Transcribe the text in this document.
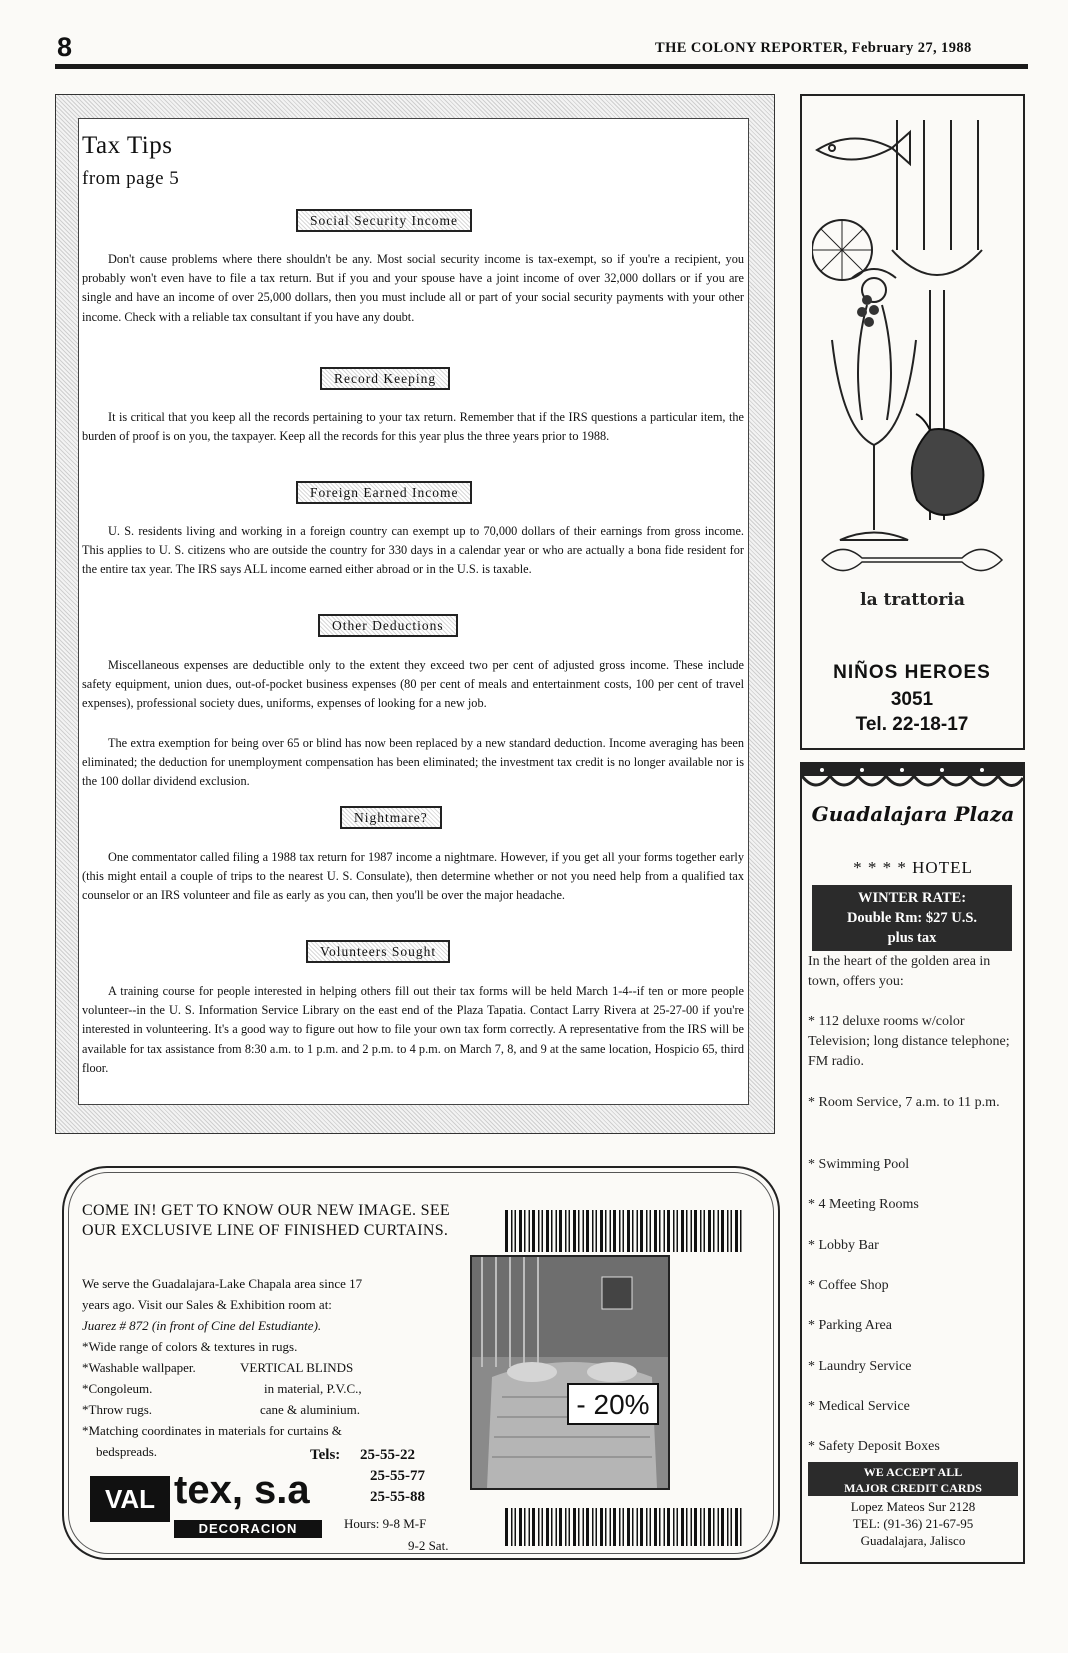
8	THE COLONY REPORTER, February 27, 1988
Tax Tips
from page 5
Social Security Income

Don't cause problems where there shouldn't be any. Most social security income is tax-exempt, so if you're a recipient, you probably won't even have to file a tax return. But if you and your spouse have a joint income of over 32,000 dollars or if you are single and have an income of over 25,000 dollars, then you must include all or part of your social security payments with your other income. Check with a reliable tax consultant if you have any doubt.

Record Keeping

It is critical that you keep all the records pertaining to your tax return. Remember that if the IRS questions a particular item, the burden of proof is on you, the taxpayer. Keep all the records for this year plus the three years prior to 1988.

Foreign Earned Income

U. S. residents living and working in a foreign country can exempt up to 70,000 dollars of their earnings from gross income. This applies to U. S. citizens who are outside the country for 330 days in a calendar year or who are actually a bona fide resident for the entire tax year. The IRS says ALL income earned either abroad or in the U.S. is taxable.

Other Deductions

Miscellaneous expenses are deductible only to the extent they exceed two per cent of adjusted gross income. These include safety equipment, union dues, out-of-pocket business expenses (80 per cent of meals and entertainment costs, 100 per cent of travel expenses), professional society dues, uniforms, expenses of looking for a new job.

The extra exemption for being over 65 or blind has now been replaced by a new standard deduction. Income averaging has been eliminated; the deduction for unemployment compensation has been eliminated; the investment tax credit is no longer available nor is the 100 dollar dividend exclusion.

Nightmare?

One commentator called filing a 1988 tax return for 1987 income a nightmare. However, if you get all your forms together early (this might entail a couple of trips to the nearest U. S. Consulate), then determine whether or not you need help from a qualified tax counselor or an IRS volunteer and file as early as you can, then you'll be over the major headache.

Volunteers Sought

A training course for people interested in helping others fill out their tax forms will be held March 1-4--if ten or more people volunteer--in the U. S. Information Service Library on the east end of the Plaza Tapatia. Contact Larry Rivera at 25-27-00 if you're interested in volunteering. It's a good way to figure out how to file your own tax form correctly. A representative from the IRS will be available for tax assistance from 8:30 a.m. to 1 p.m. and 2 p.m. to 4 p.m. on March 7, 8, and 9 at the same location, Hospicio 65, third floor.

la trattoria
NIÑOS HEROES
3051
Tel. 22-18-17
Guadalajara Plaza
* * * * HOTEL
WINTER RATE:
Double Rm: $27 U.S.
plus tax
In the heart of the golden area in town, offers you:
* 112 deluxe rooms w/color Television; long distance telephone; FM radio.
* Room Service, 7 a.m. to 11 p.m.
* Swimming Pool
* 4 Meeting Rooms
* Lobby Bar
* Coffee Shop
* Parking Area
* Laundry Service
* Medical Service
* Safety Deposit Boxes
WE ACCEPT ALL
MAJOR CREDIT CARDS
Lopez Mateos Sur 2128
TEL: (91-36) 21-67-95
Guadalajara, Jalisco
COME IN! GET TO KNOW OUR NEW IMAGE. SEE OUR EXCLUSIVE LINE OF FINISHED CURTAINS.
We serve the Guadalajara-Lake Chapala area since 17
years ago. Visit our Sales & Exhibition room at:
Juarez # 872 (in front of Cine del Estudiante).
*Wide range of colors & textures in rugs.
*Washable wallpaper.
*Congoleum.
*Throw rugs.
*Matching coordinates in materials for curtains &
bedspreads.
VERTICAL BLINDS
in material, P.V.C.,
cane & aluminium.
Tels: 25-55-22
25-55-77
25-55-88
Hours: 9-8 M-F
9-2 Sat.
VAL tex, s.a
DECORACION
- 20%
